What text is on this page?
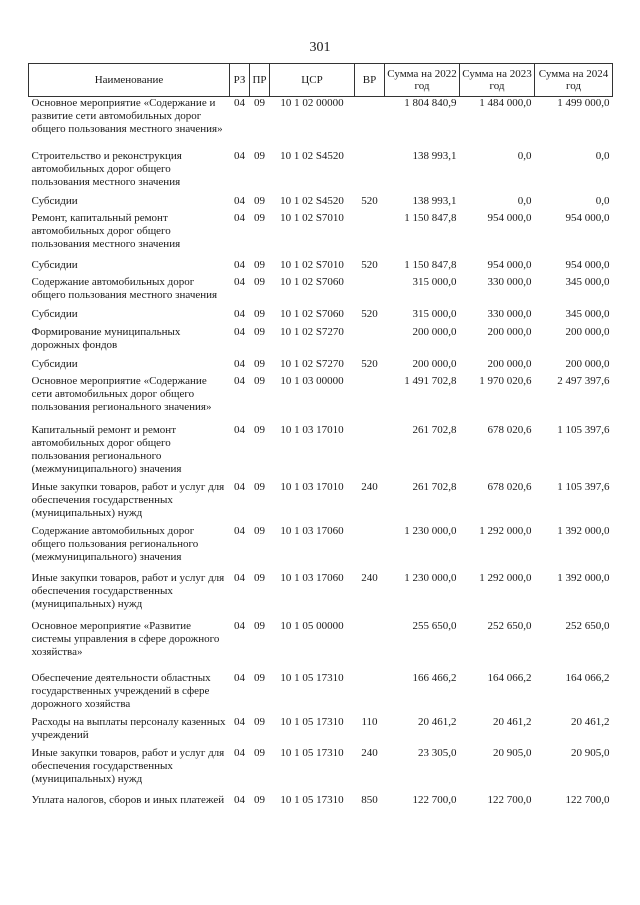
301
Наименование	РЗ	ПР	ЦСР	ВР	Сумма на 2022 год	Сумма на 2023 год	Сумма на 2024 год
Основное мероприятие «Содержание и развитие сети автомобильных дорог общего пользования местного значения»	04	09	10 1 02 00000		1 804 840,9	1 484 000,0	1 499 000,0

Строительство и реконструкция автомобильных дорог общего пользования местного значения	04	09	10 1 02 S4520		138 993,1	0,0	0,0

Субсидии	04	09	10 1 02 S4520	520	138 993,1	0,0	0,0

Ремонт, капитальный ремонт автомобильных дорог общего пользования местного значения	04	09	10 1 02 S7010		1 150 847,8	954 000,0	954 000,0

Субсидии	04	09	10 1 02 S7010	520	1 150 847,8	954 000,0	954 000,0

Содержание автомобильных дорог общего пользования местного значения	04	09	10 1 02 S7060		315 000,0	330 000,0	345 000,0

Субсидии	04	09	10 1 02 S7060	520	315 000,0	330 000,0	345 000,0

Формирование муниципальных дорожных фондов	04	09	10 1 02 S7270		200 000,0	200 000,0	200 000,0

Субсидии	04	09	10 1 02 S7270	520	200 000,0	200 000,0	200 000,0

Основное мероприятие «Содержание сети автомобильных дорог общего пользования регионального значения»	04	09	10 1 03 00000		1 491 702,8	1 970 020,6	2 497 397,6

Капитальный ремонт и ремонт автомобильных дорог общего пользования регионального (межмуниципального) значения	04	09	10 1 03 17010		261 702,8	678 020,6	1 105 397,6

Иные закупки товаров, работ и услуг для обеспечения государственных (муниципальных) нужд	04	09	10 1 03 17010	240	261 702,8	678 020,6	1 105 397,6

Содержание автомобильных дорог общего пользования регионального (межмуниципального) значения	04	09	10 1 03 17060		1 230 000,0	1 292 000,0	1 392 000,0

Иные закупки товаров, работ и услуг для обеспечения государственных (муниципальных) нужд	04	09	10 1 03 17060	240	1 230 000,0	1 292 000,0	1 392 000,0

Основное мероприятие «Развитие системы управления в сфере дорожного хозяйства»	04	09	10 1 05 00000		255 650,0	252 650,0	252 650,0

Обеспечение деятельности областных государственных учреждений в сфере дорожного хозяйства	04	09	10 1 05 17310		166 466,2	164 066,2	164 066,2

Расходы на выплаты персоналу казенных учреждений	04	09	10 1 05 17310	110	20 461,2	20 461,2	20 461,2

Иные закупки товаров, работ и услуг для обеспечения государственных (муниципальных) нужд	04	09	10 1 05 17310	240	23 305,0	20 905,0	20 905,0

Уплата налогов, сборов и иных платежей	04	09	10 1 05 17310	850	122 700,0	122 700,0	122 700,0
